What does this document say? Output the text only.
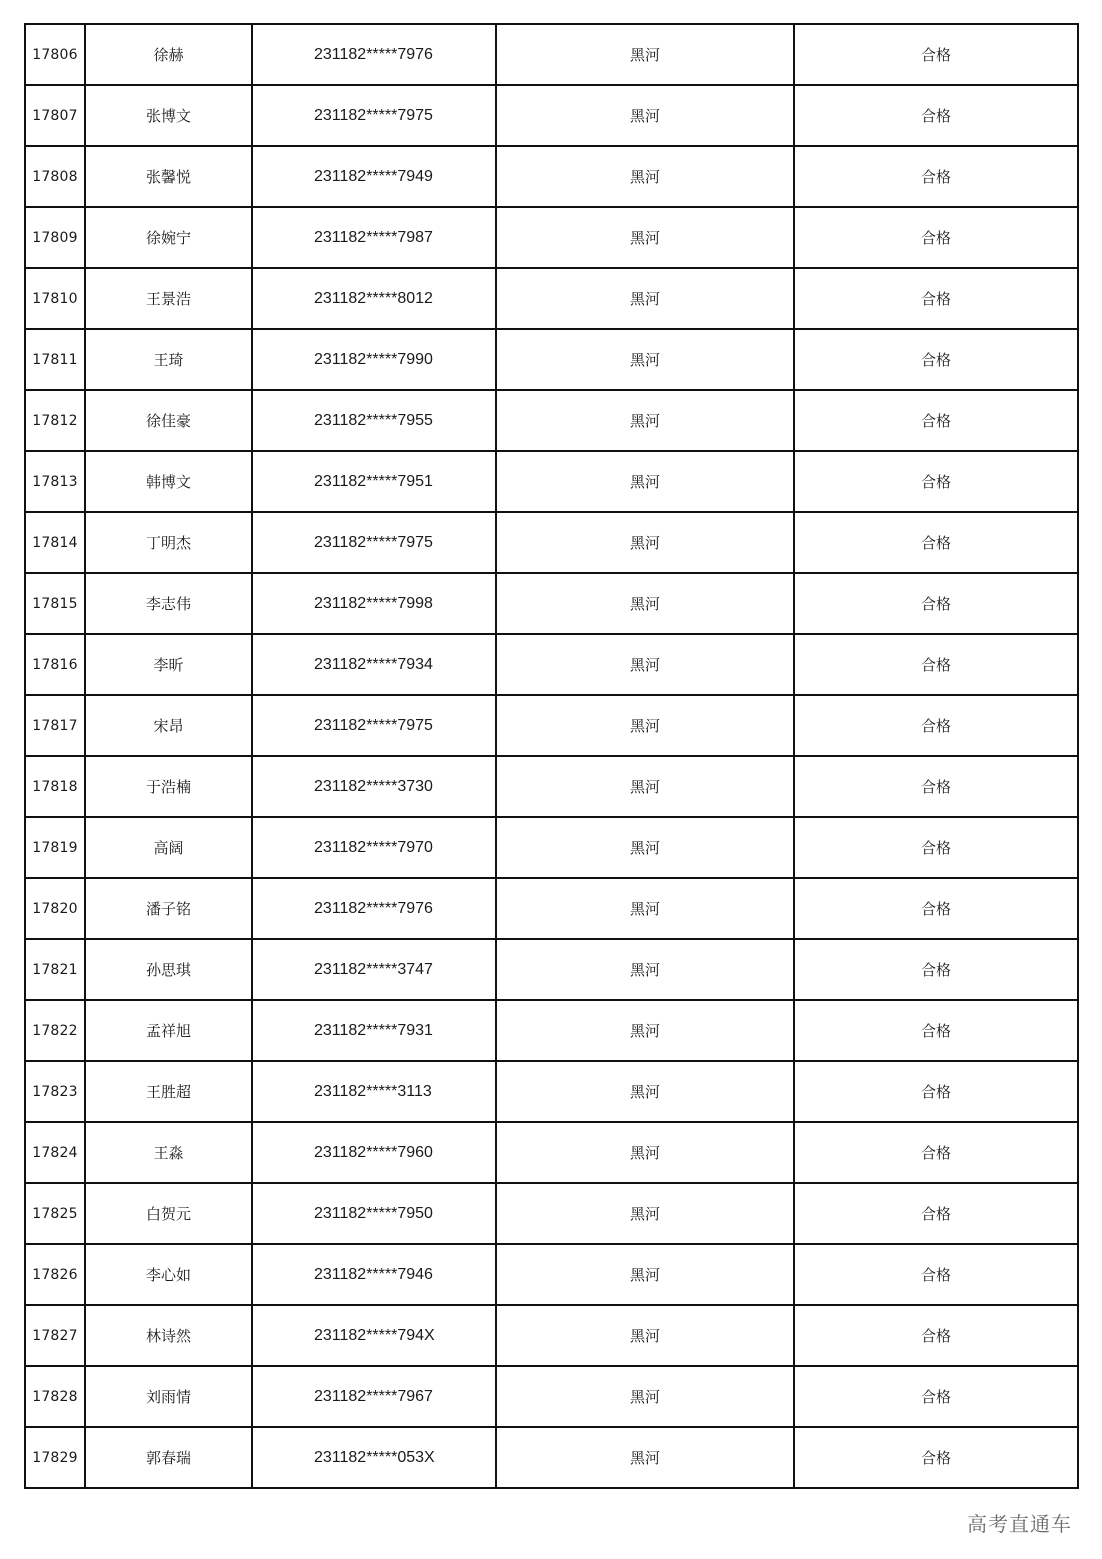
17806	徐赫	231182*****7976	黑河	合格
17807	张博文	231182*****7975	黑河	合格
17808	张馨悦	231182*****7949	黑河	合格
17809	徐婉宁	231182*****7987	黑河	合格
17810	王景浩	231182*****8012	黑河	合格
17811	王琦	231182*****7990	黑河	合格
17812	徐佳豪	231182*****7955	黑河	合格
17813	韩博文	231182*****7951	黑河	合格
17814	丁明杰	231182*****7975	黑河	合格
17815	李志伟	231182*****7998	黑河	合格
17816	李昕	231182*****7934	黑河	合格
17817	宋昂	231182*****7975	黑河	合格
17818	于浩楠	231182*****3730	黑河	合格
17819	高阔	231182*****7970	黑河	合格
17820	潘子铭	231182*****7976	黑河	合格
17821	孙思琪	231182*****3747	黑河	合格
17822	孟祥旭	231182*****7931	黑河	合格
17823	王胜超	231182*****3113	黑河	合格
17824	王淼	231182*****7960	黑河	合格
17825	白贺元	231182*****7950	黑河	合格
17826	李心如	231182*****7946	黑河	合格
17827	林诗然	231182*****794X	黑河	合格
17828	刘雨情	231182*****7967	黑河	合格
17829	郭春瑞	231182*****053X	黑河	合格
高考直通车
